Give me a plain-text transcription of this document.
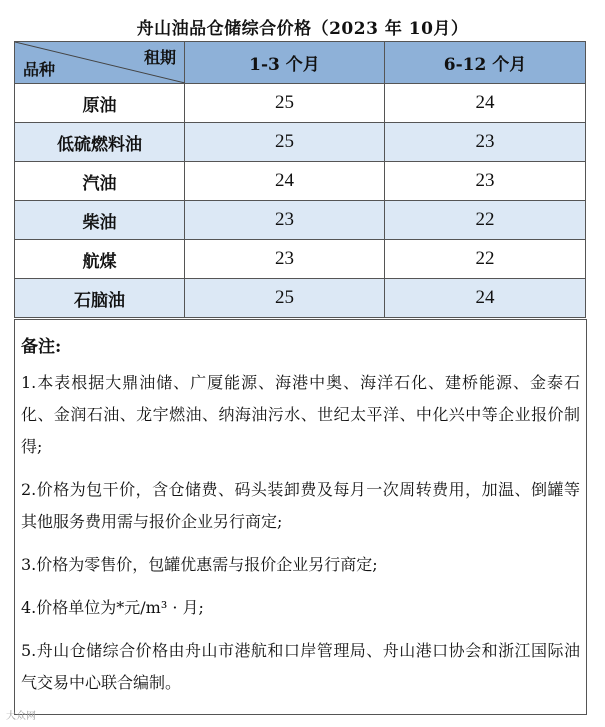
舟山油品仓储综合价格（2023 年 10月）
租期
品种	1-3 个月	6-12 个月
原油	25	24
低硫燃料油	25	23
汽油	24	23
柴油	23	22
航煤	23	22
石脑油	25	24
备注:
1.本表根据大鼎油储、广厦能源、海港中奥、海洋石化、建桥能源、金泰石化、金润石油、龙宇燃油、纳海油污水、世纪太平洋、中化兴中等企业报价制得;
2.价格为包干价，含仓储费、码头装卸费及每月一次周转费用，加温、倒罐等其他服务费用需与报价企业另行商定;
3.价格为零售价，包罐优惠需与报价企业另行商定;
4.价格单位为*元/m³ · 月;
5.舟山仓储综合价格由舟山市港航和口岸管理局、舟山港口协会和浙江国际油气交易中心联合编制。
大众网
